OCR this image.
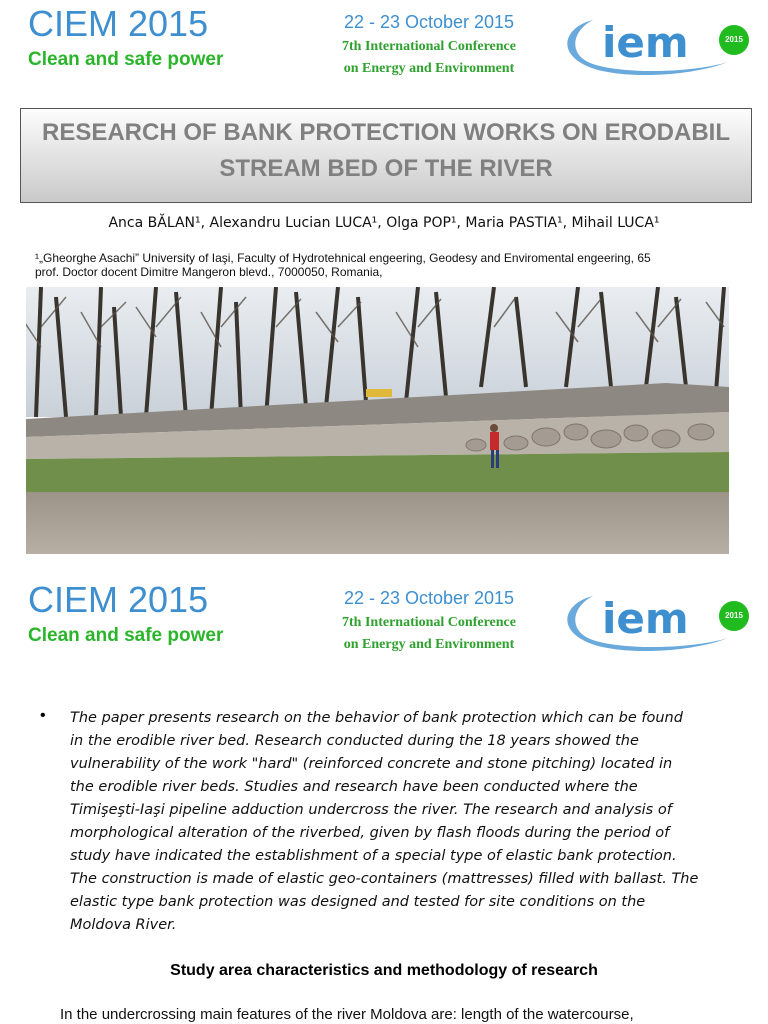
CIEM 2015
Clean and safe power
22 - 23 October 2015
7th International Conference
on Energy and Environment
iem	2015
RESEARCH OF BANK PROTECTION WORKS ON ERODABIL
STREAM BED OF THE RIVER
Anca BĂLAN¹, Alexandru Lucian LUCA¹, Olga POP¹, Maria PASTIA¹, Mihail LUCA¹
¹„Gheorghe Asachi” University of Iaşi, Faculty of Hydrotehnical engeering, Geodesy and Enviromental engeering, 65
prof. Doctor docent Dimitre Mangeron blevd., 7000050, Romania,
CIEM 2015
Clean and safe power
22 - 23 October 2015
7th International Conference
on Energy and Environment
iem	2015
• The paper presents research on the behavior of bank protection which can be found
in the erodible river bed. Research conducted during the 18 years showed the
vulnerability of the work "hard" (reinforced concrete and stone pitching) located in
the erodible river beds. Studies and research have been conducted where the
Timişeşti-Iaşi pipeline adduction undercross the river. The research and analysis of
morphological alteration of the riverbed, given by flash floods during the period of
study have indicated the establishment of a special type of elastic bank protection.
The construction is made of elastic geo-containers (mattresses) filled with ballast. The
elastic type bank protection was designed and tested for site conditions on the
Moldova River.
Study area characteristics and methodology of research
In the undercrossing main features of the river Moldova are: length of the watercourse,
